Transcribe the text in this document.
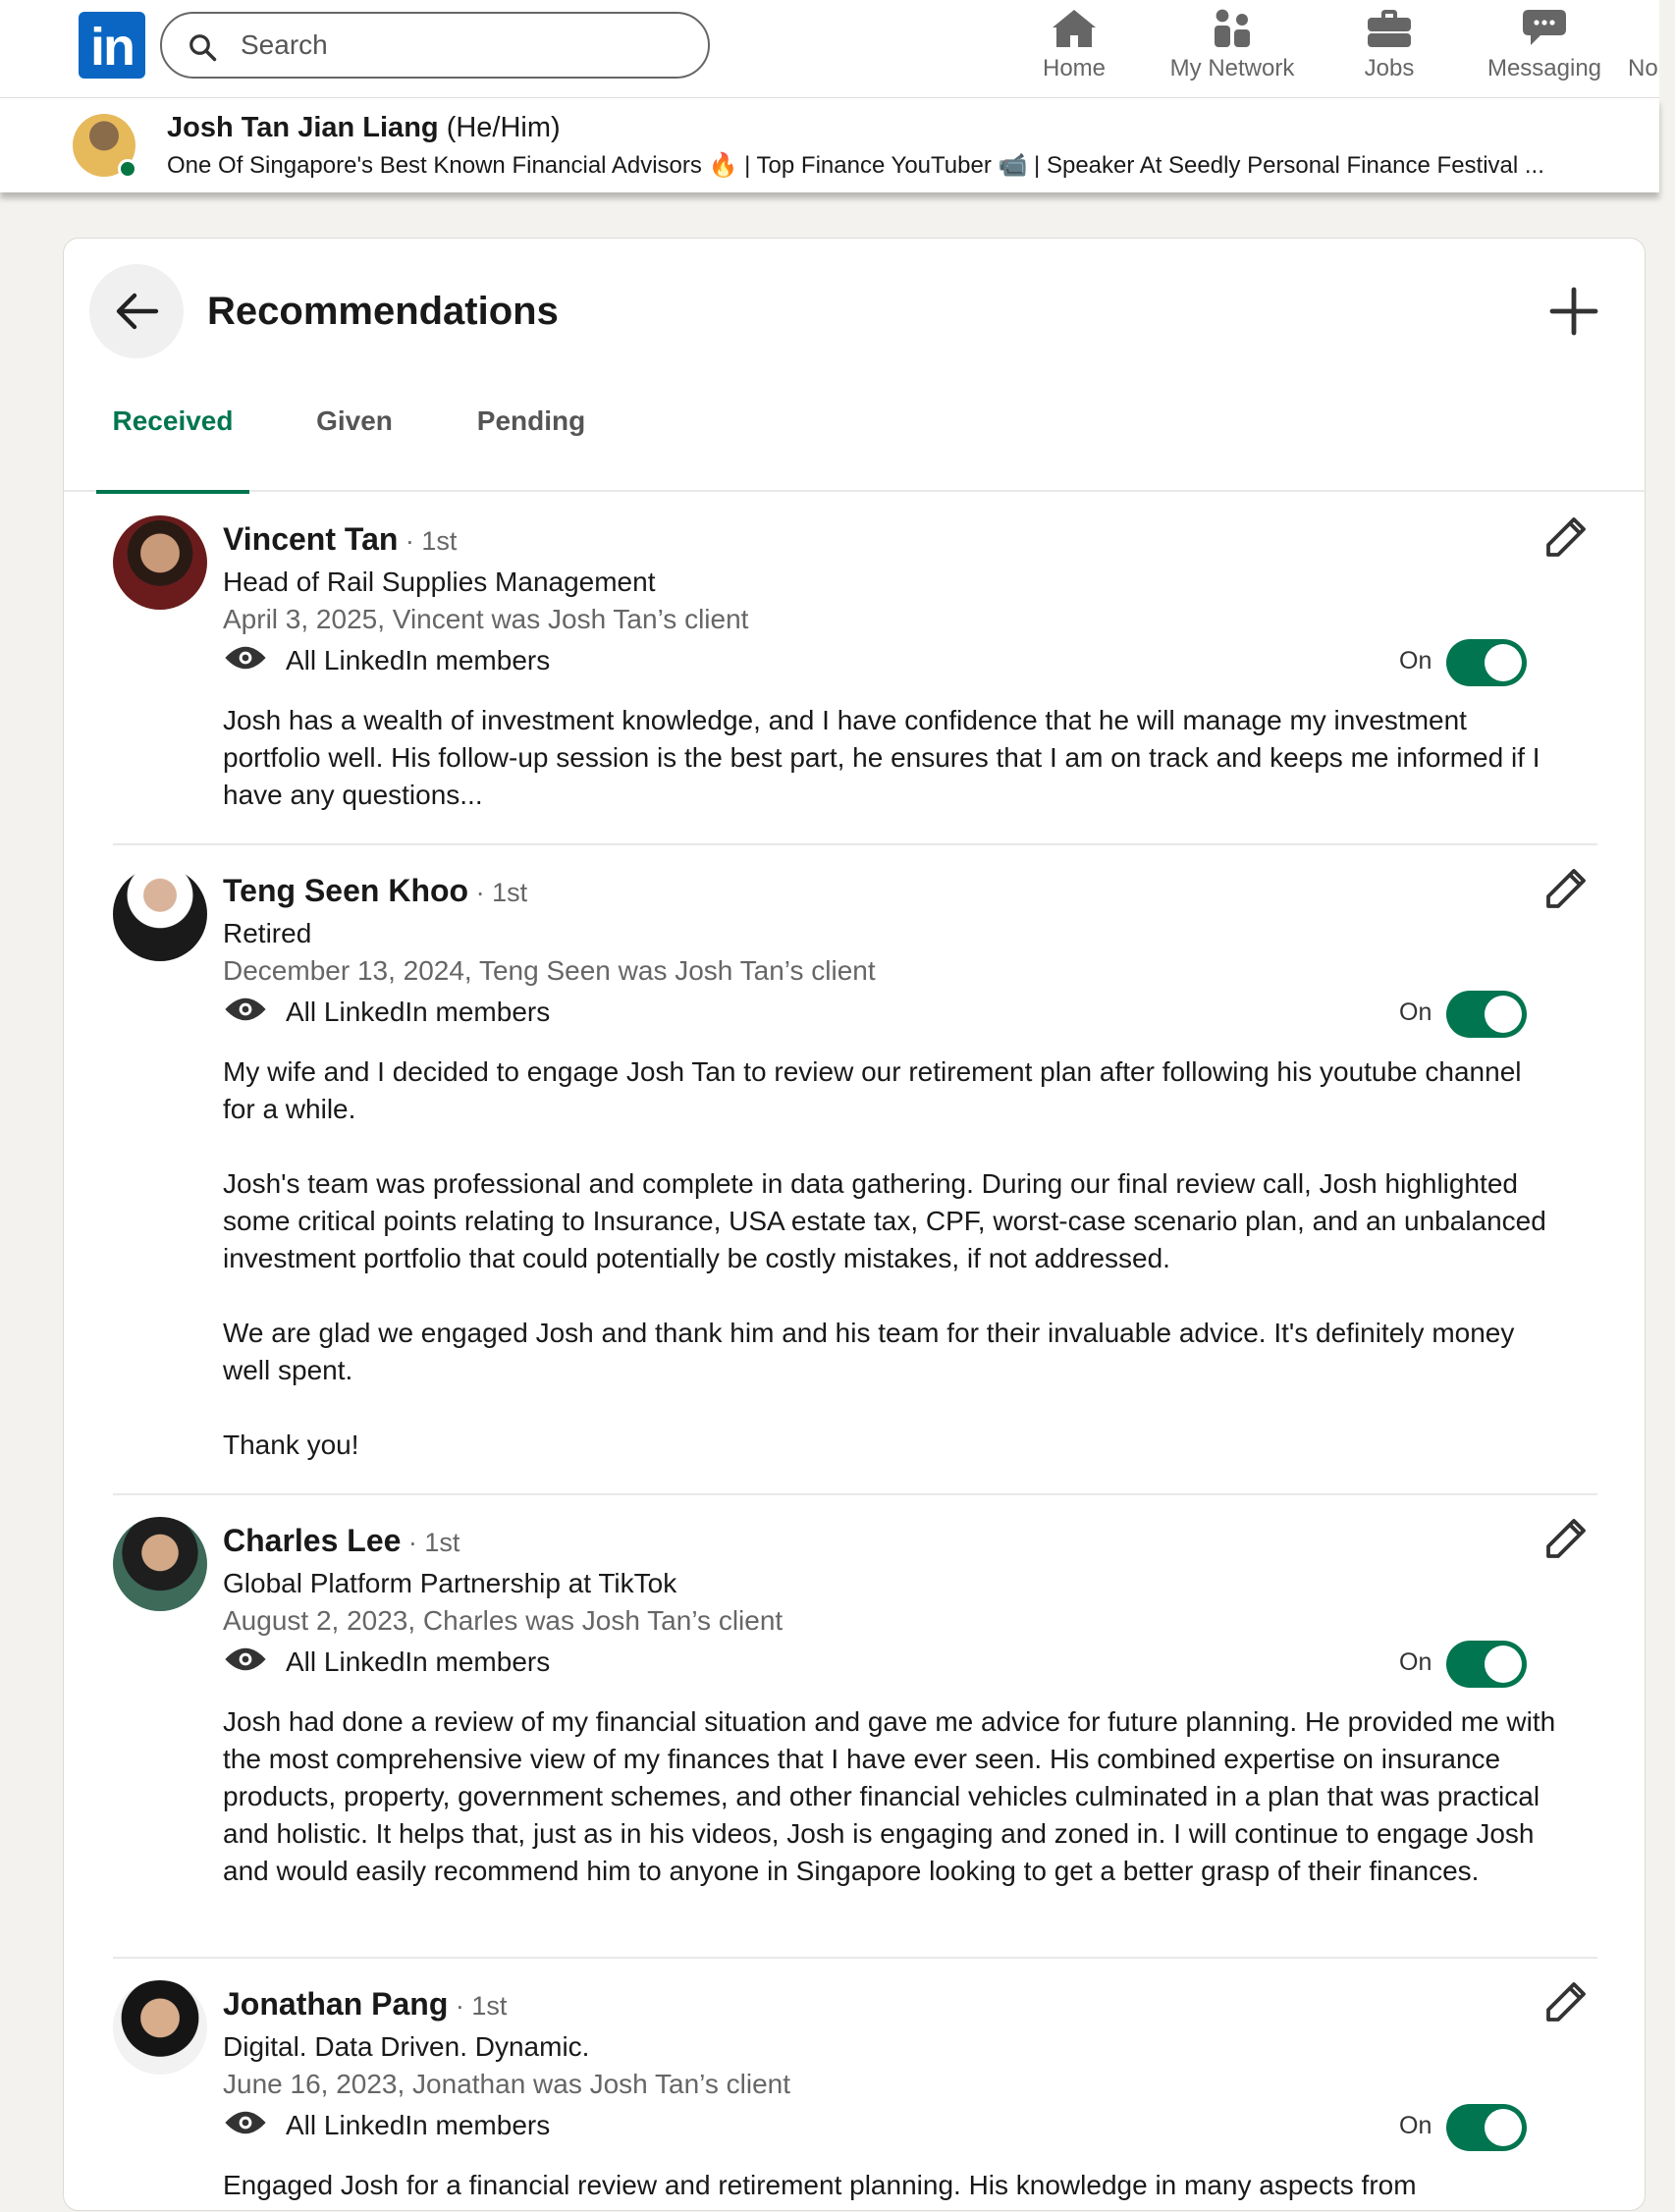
in
Search	Home	My Network	Jobs	Messaging No
Josh Tan Jian Liang (He/Him)
One Of Singapore's Best Known Financial Advisors 🔥 | Top Finance YouTuber 📹 | Speaker At Seedly Personal Finance Festival ...
Recommendations
Received	Given	Pending
Vincent Tan · 1st
Head of Rail Supplies Management
April 3, 2025, Vincent was Josh Tan’s client
All LinkedIn members	On
Josh has a wealth of investment knowledge, and I have confidence that he will manage my investment portfolio well. His follow-up session is the best part, he ensures that I am on track and keeps me informed if I have any questions...
Teng Seen Khoo · 1st
Retired
December 13, 2024, Teng Seen was Josh Tan’s client
All LinkedIn members	On
My wife and I decided to engage Josh Tan to review our retirement plan after following his youtube channel for a while.

Josh's team was professional and complete in data gathering. During our final review call, Josh highlighted some critical points relating to Insurance, USA estate tax, CPF, worst-case scenario plan, and an unbalanced investment portfolio that could potentially be costly mistakes, if not addressed.

We are glad we engaged Josh and thank him and his team for their invaluable advice. It's definitely money well spent.

Thank you!
Charles Lee · 1st
Global Platform Partnership at TikTok
August 2, 2023, Charles was Josh Tan’s client
All LinkedIn members	On
Josh had done a review of my financial situation and gave me advice for future planning. He provided me with the most comprehensive view of my finances that I have ever seen. His combined expertise on insurance products, property, government schemes, and other financial vehicles culminated in a plan that was practical and holistic. It helps that, just as in his videos, Josh is engaging and zoned in. I will continue to engage Josh and would easily recommend him to anyone in Singapore looking to get a better grasp of their finances.
Jonathan Pang · 1st
Digital. Data Driven. Dynamic.
June 16, 2023, Jonathan was Josh Tan’s client
All LinkedIn members	On
Engaged Josh for a financial review and retirement planning. His knowledge in many aspects from
